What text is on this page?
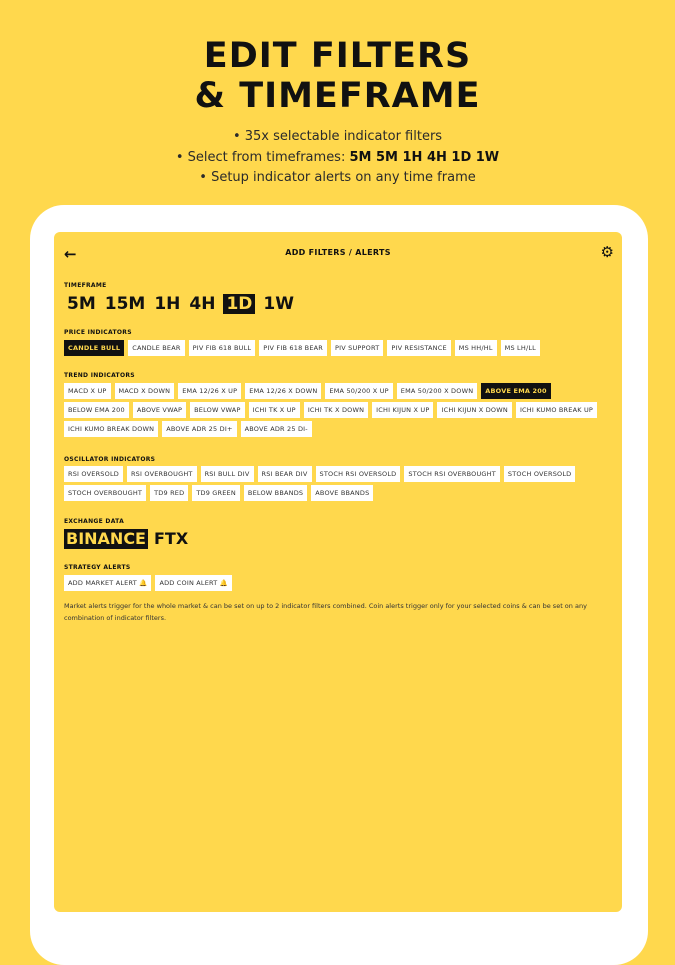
EDIT FILTERS
& TIMEFRAME
• 35x selectable indicator filters
• Select from timeframes: 5M 5M 1H 4H 1D 1W
• Setup indicator alerts on any time frame
←	ADD FILTERS / ALERTS	⚙
TIMEFRAME
5M 15M 1H 4H 1D 1W
PRICE INDICATORS
CANDLE BULL	CANDLE BEAR	PIV FIB 618 BULL	PIV FIB 618 BEAR	PIV SUPPORT	PIV RESISTANCE	MS HH/HL	MS LH/LL
TREND INDICATORS
MACD X UP	MACD X DOWN	EMA 12/26 X UP	EMA 12/26 X DOWN	EMA 50/200 X UP	EMA 50/200 X DOWN	ABOVE EMA 200
BELOW EMA 200	ABOVE VWAP	BELOW VWAP	ICHI TK X UP	ICHI TK X DOWN	ICHI KIJUN X UP	ICHI KIJUN X DOWN	ICHI KUMO BREAK UP
ICHI KUMO BREAK DOWN	ABOVE ADR 25 DI+	ABOVE ADR 25 DI-
OSCILLATOR INDICATORS
RSI OVERSOLD	RSI OVERBOUGHT	RSI BULL DIV	RSI BEAR DIV	STOCH RSI OVERSOLD	STOCH RSI OVERBOUGHT	STOCH OVERSOLD
STOCH OVERBOUGHT	TD9 RED	TD9 GREEN	BELOW BBANDS	ABOVE BBANDS
EXCHANGE DATA
BINANCE FTX
STRATEGY ALERTS
ADD MARKET ALERT 🔔	ADD COIN ALERT 🔔
Market alerts trigger for the whole market & can be set on up to 2 indicator filters combined. Coin alerts trigger only for your selected coins & can be set on any combination of indicator filters.
